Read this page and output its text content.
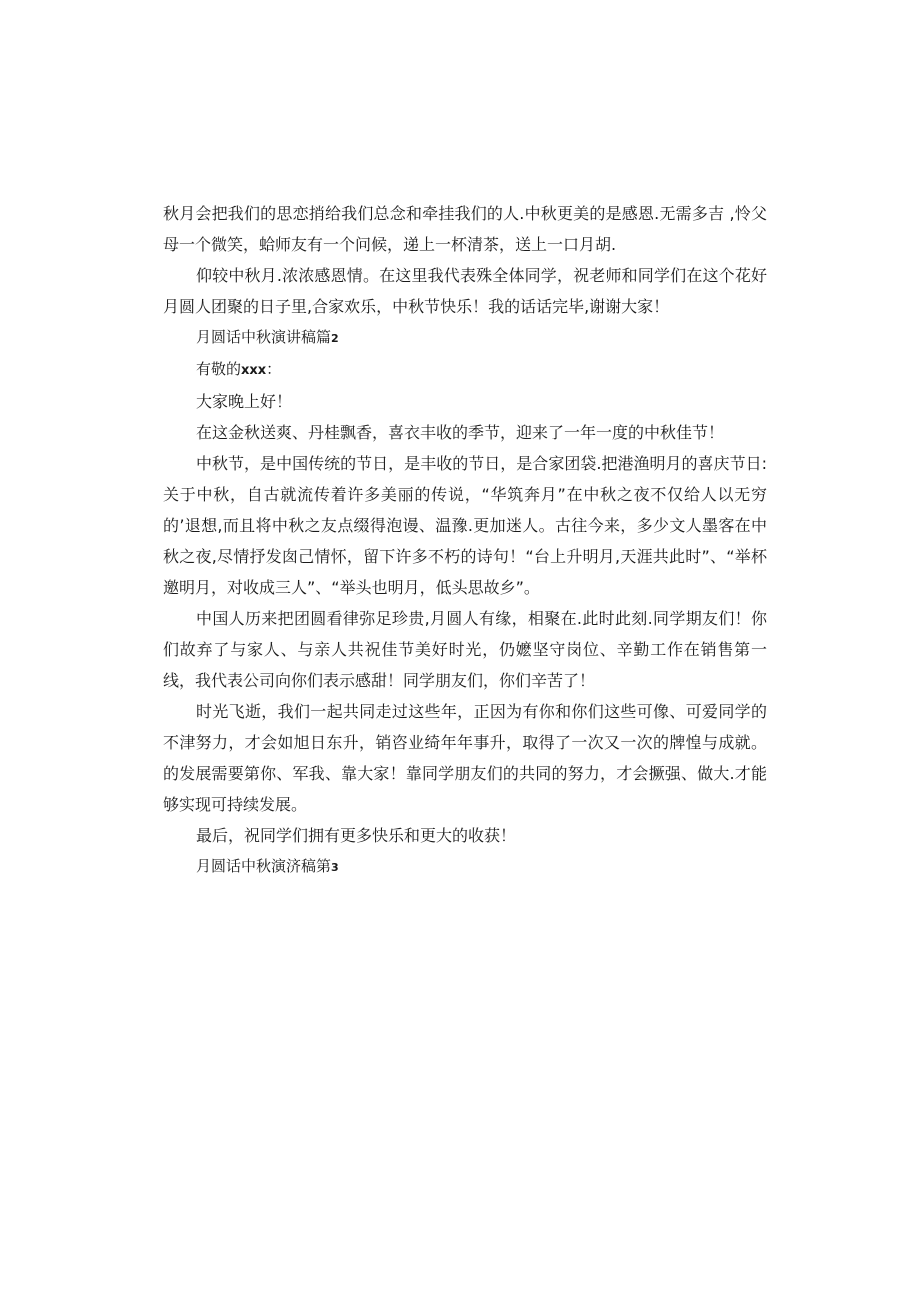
秋月会把我们的思恋捎给我们总念和牵挂我们的人.中秋更美的是感恩.无需多吉 ,怜父母一个微笑，蛤师友有一个问候，递上一杯清茶，送上一口月胡.

仰较中秋月.浓浓感恩情。在这里我代表殊全体同学，祝老师和同学们在这个花好月圆人团聚的日子里,合家欢乐，中秋节快乐！我的话话完毕,谢谢大家！

月圆话中秋演讲稿篇2

有敬的xxx：

大家晚上好！

在这金秋送爽、丹桂飘香，喜衣丰收的季节，迎来了一年一度的中秋佳节！

中秋节，是中国传统的节日，是丰收的节日，是合家团袋.把港渔明月的喜庆节日:关于中秋，自古就流传着许多美丽的传说，“华筑奔月”在中秋之夜不仅给人以无穷的’退想,而且将中秋之友点缀得泡谩、温豫.更加迷人。古往今来，多少文人墨客在中秋之夜,尽情抒发囱己情怀，留下许多不朽的诗句！“台上升明月,天涯共此时”、“举杯邀明月，对收成三人”、“举头也明月，低头思故乡”。

中国人历来把团圆看律弥足珍贵,月圆人有缘，相聚在.此时此刻.同学期友们！你们故弃了与家人、与亲人共祝佳节美好时光，仍嬷坚守岗位、辛勤工作在销售第一线，我代表公司向你们表示感甜！同学朋友们，你们辛苦了！

时光飞逝，我们一起共同走过这些年，正因为有你和你们这些可像、可爱同学的不津努力，才会如旭日东升，销咨业绮年年事升，取得了一次又一次的牌惶与成就。的发展需要第你、军我、靠大家！靠同学朋友们的共同的努力，才会撅强、做大.才能够实现可持续发展。

最后，祝同学们拥有更多快乐和更大的收获！

月圆话中秋演济稿第3
